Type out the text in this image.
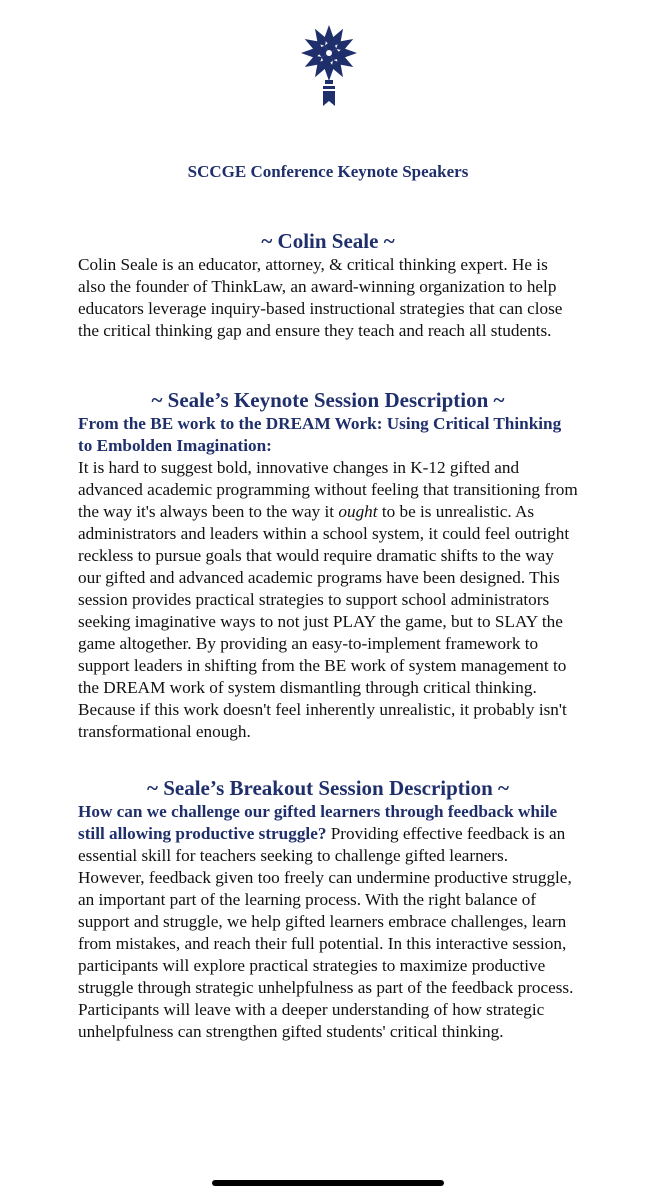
SCCGE Conference Keynote Speakers
~ Colin Seale ~

Colin Seale is an educator, attorney, & critical thinking expert. He is also the founder of ThinkLaw, an award-winning organization to help educators leverage inquiry-based instructional strategies that can close the critical thinking gap and ensure they teach and reach all students.

~ Seale’s Keynote Session Description ~

From the BE work to the DREAM Work: Using Critical Thinking to Embolden Imagination:
It is hard to suggest bold, innovative changes in K-12 gifted and advanced academic programming without feeling that transitioning from the way it's always been to the way it ought to be is unrealistic. As administrators and leaders within a school system, it could feel outright reckless to pursue goals that would require dramatic shifts to the way our gifted and advanced academic programs have been designed. This session provides practical strategies to support school administrators seeking imaginative ways to not just PLAY the game, but to SLAY the game altogether. By providing an easy-to-implement framework to support leaders in shifting from the BE work of system management to the DREAM work of system dismantling through critical thinking. Because if this work doesn't feel inherently unrealistic, it probably isn't transformational enough.

~ Seale’s Breakout Session Description ~

How can we challenge our gifted learners through feedback while still allowing productive struggle? Providing effective feedback is an essential skill for teachers seeking to challenge gifted learners. However, feedback given too freely can undermine productive struggle, an important part of the learning process. With the right balance of support and struggle, we help gifted learners embrace challenges, learn from mistakes, and reach their full potential. In this interactive session, participants will explore practical strategies to maximize productive struggle through strategic unhelpfulness as part of the feedback process. Participants will leave with a deeper understanding of how strategic unhelpfulness can strengthen gifted students' critical thinking.
